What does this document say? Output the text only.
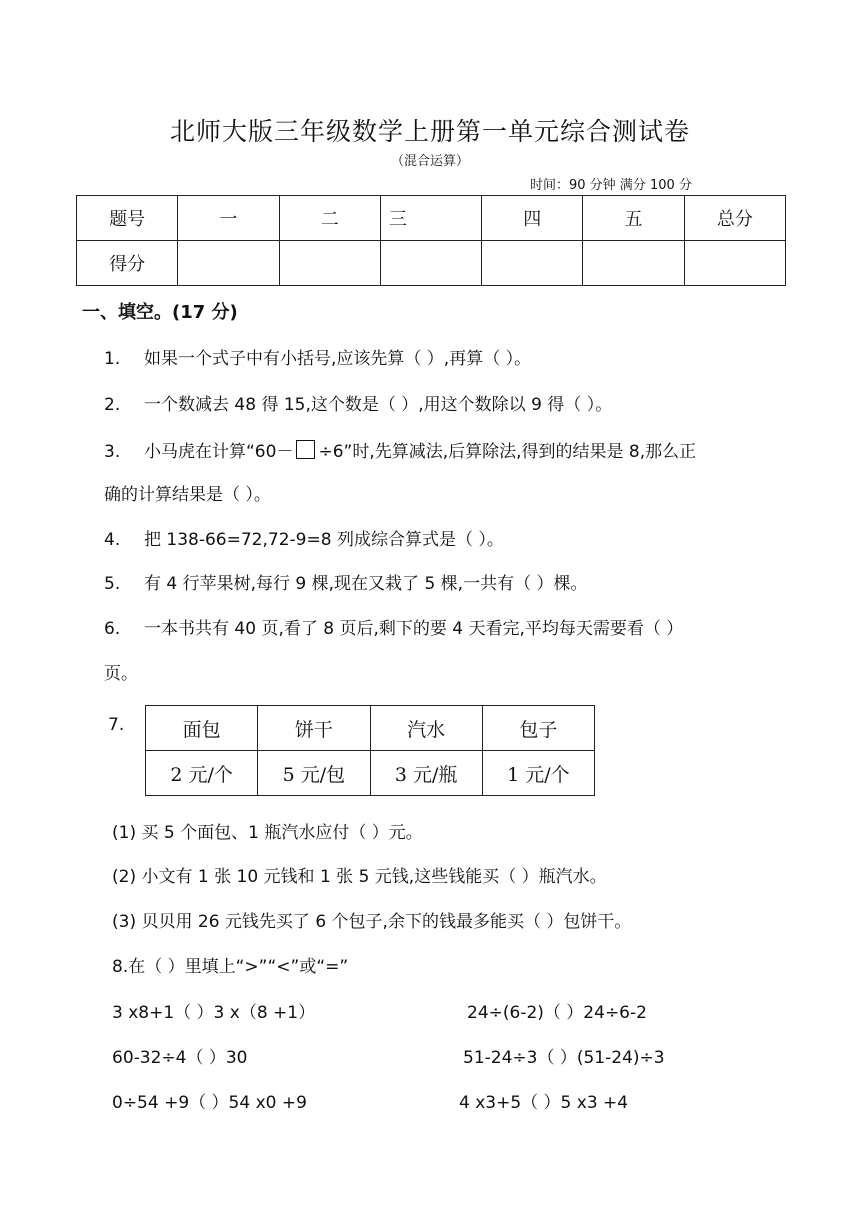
北师大版三年级数学上册第一单元综合测试卷
（混合运算）
时间：90 分钟 满分 100 分
题号	一	二	三	四	五	总分
得分						
一、填空。(17 分)
1. 如果一个式子中有小括号,应该先算（ ）,再算（ ）。
2. 一个数减去 48 得 15,这个数是（ ）,用这个数除以 9 得（ ）。
3. 小马虎在计算“60－ ÷6”时,先算减法,后算除法,得到的结果是 8,那么正
确的计算结果是（ ）。
4. 把 138-66=72,72-9=8 列成综合算式是（ ）。
5. 有 4 行苹果树,每行 9 棵,现在又栽了 5 棵,一共有（ ）棵。
6. 一本书共有 40 页,看了 8 页后,剩下的要 4 天看完,平均每天需要看（ ）
页。
7.	面包	饼干	汽水	包子
2 元/个	5 元/包	3 元/瓶	1 元/个
(1) 买 5 个面包、1 瓶汽水应付（ ）元。
(2) 小文有 1 张 10 元钱和 1 张 5 元钱,这些钱能买（ ）瓶汽水。
(3) 贝贝用 26 元钱先买了 6 个包子,余下的钱最多能买（ ）包饼干。
8.在（ ）里填上“>”“<”或“=”
3 x8+1（ ）3 x（8 +1）	24÷(6-2)（ ）24÷6-2
60-32÷4（ ）30	51-24÷3（ ）(51-24)÷3
0÷54 +9（ ）54 x0 +9	4 x3+5（ ）5 x3 +4
